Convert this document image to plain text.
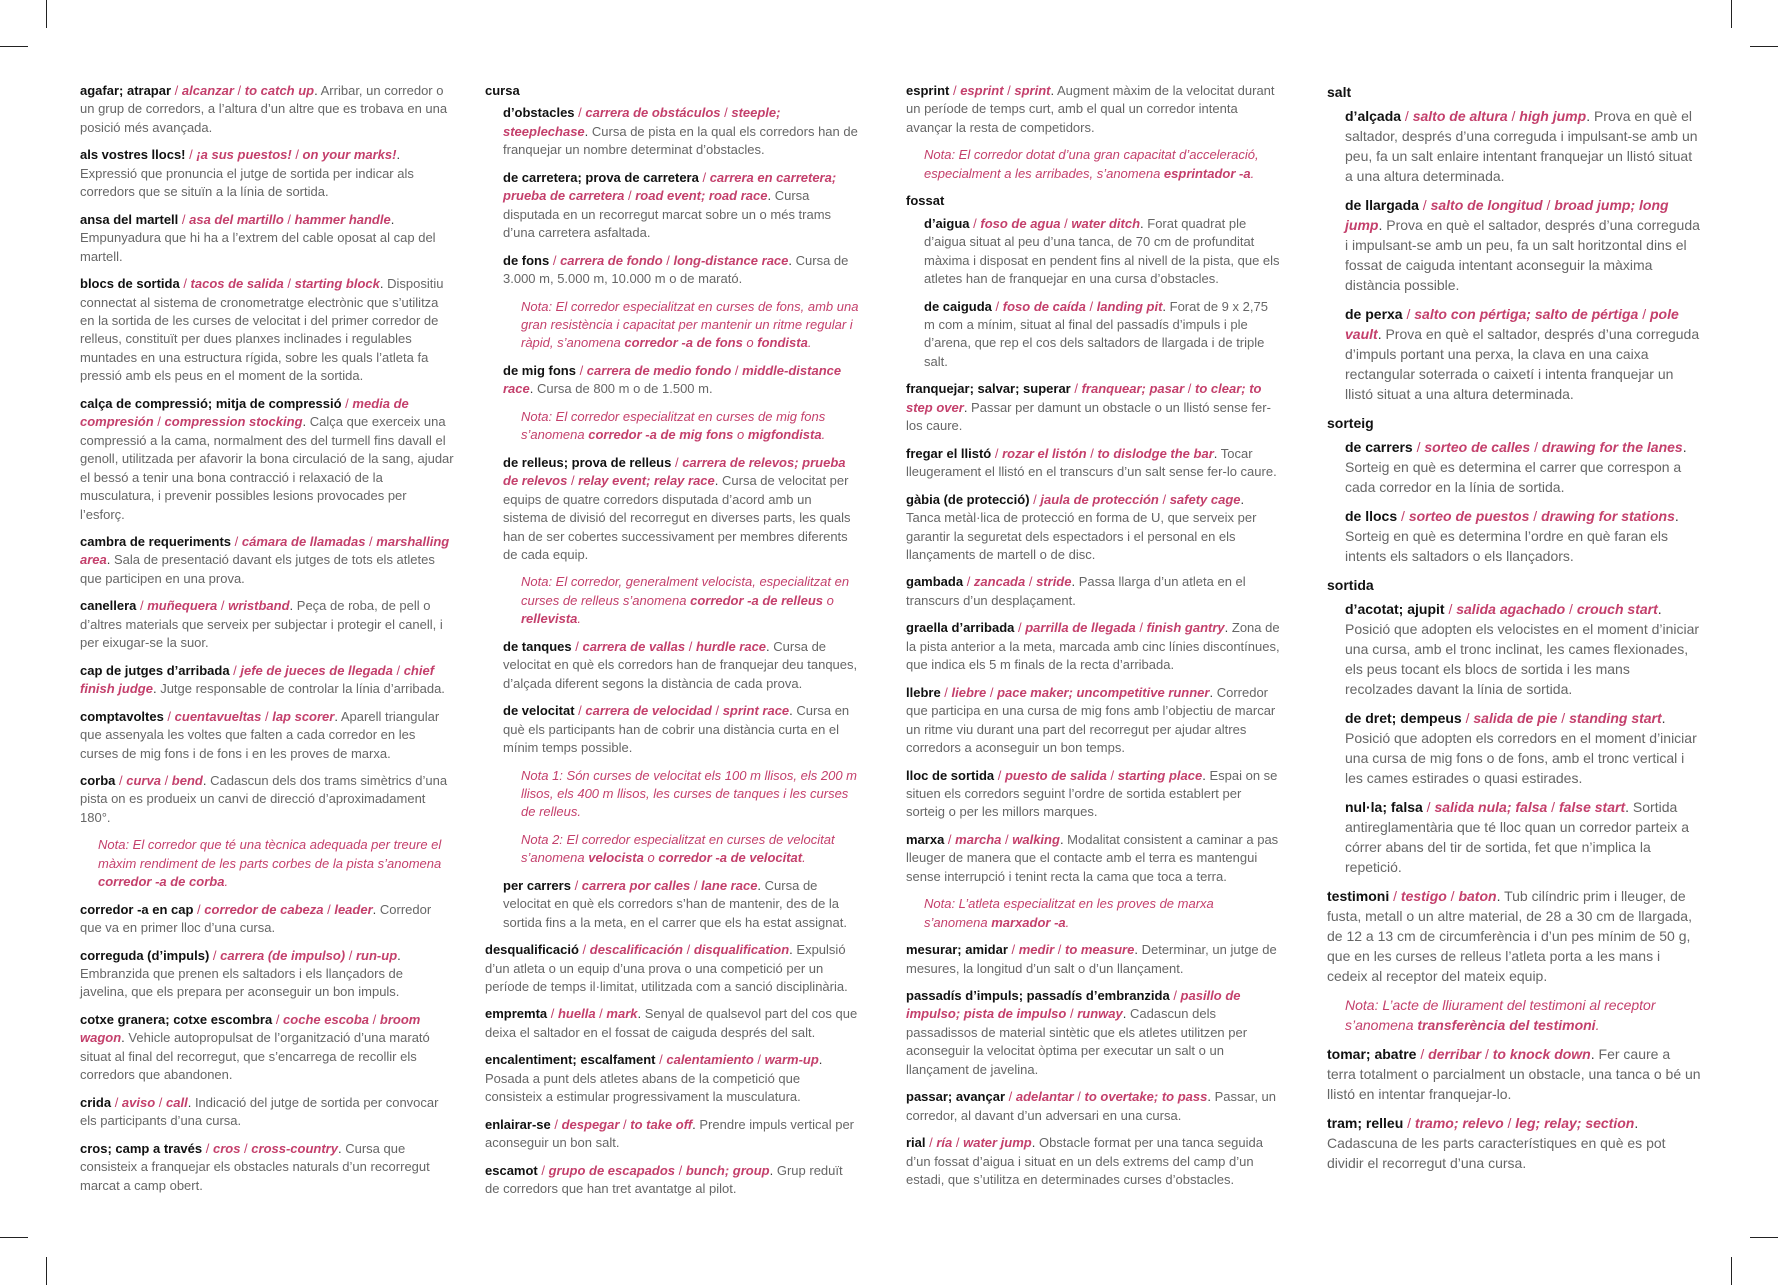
agafar; atrapar / alcanzar / to catch up. Arribar, un corredor o un grup de corredors, a l’altura d’un altre que es trobava en una posició més avançada.
als vostres llocs! / ¡a sus puestos! / on your marks!. Expressió que pronuncia el jutge de sortida per indicar als corredors que se situïn a la línia de sortida.
ansa del martell / asa del martillo / hammer handle. Empunyadura que hi ha a l’extrem del cable oposat al cap del martell.
blocs de sortida / tacos de salida / starting block. Dispositiu connectat al sistema de cronometratge electrònic que s’utilitza en la sortida de les curses de velocitat i del primer corredor de relleus, constituït per dues planxes inclinades i regulables muntades en una estructura rígida, sobre les quals l’atleta fa pressió amb els peus en el moment de la sortida.
calça de compressió; mitja de compressió / media de compresión / compression stocking. Calça que exerceix una compressió a la cama, normalment des del turmell fins davall el genoll, utilitzada per afavorir la bona circulació de la sang, ajudar el bessó a tenir una bona contracció i relaxació de la musculatura, i prevenir possibles lesions provocades per l’esforç.
cambra de requeriments / cámara de llamadas / marshalling area. Sala de presentació davant els jutges de tots els atletes que participen en una prova.
canellera / muñequera / wristband. Peça de roba, de pell o d’altres materials que serveix per subjectar i protegir el canell, i per eixugar-se la suor.
cap de jutges d’arribada / jefe de jueces de llegada / chief finish judge. Jutge responsable de controlar la línia d’arribada.
comptavoltes / cuentavueltas / lap scorer. Aparell triangular que assenyala les voltes que falten a cada corredor en les curses de mig fons i de fons i en les proves de marxa.
corba / curva / bend. Cadascun dels dos trams simètrics d’una pista on es produeix un canvi de direcció d’aproximadament 180°.
Nota: El corredor que té una tècnica adequada per treure el màxim rendiment de les parts corbes de la pista s’anomena corredor -a de corba.
corredor -a en cap / corredor de cabeza / leader. Corredor que va en primer lloc d’una cursa.
correguda (d’impuls) / carrera (de impulso) / run-up. Embranzida que prenen els saltadors i els llançadors de javelina, que els prepara per aconseguir un bon impuls.
cotxe granera; cotxe escombra / coche escoba / broom wagon. Vehicle autopropulsat de l’organització d’una marató situat al final del recorregut, que s’encarrega de recollir els corredors que abandonen.
crida / aviso / call. Indicació del jutge de sortida per convocar els participants d’una cursa.
cros; camp a través / cros / cross-country. Cursa que consisteix a franquejar els obstacles naturals d’un recorregut marcat a camp obert.
cursa
d’obstacles / carrera de obstáculos / steeple; steeplechase. Cursa de pista en la qual els corredors han de franquejar un nombre determinat d’obstacles.
de carretera; prova de carretera / carrera en carretera; prueba de carretera / road event; road race. Cursa disputada en un recorregut marcat sobre un o més trams d’una carretera asfaltada.
de fons / carrera de fondo / long-distance race. Cursa de 3.000 m, 5.000 m, 10.000 m o de marató.
Nota: El corredor especialitzat en curses de fons, amb una gran resistència i capacitat per mantenir un ritme regular i ràpid, s’anomena corredor -a de fons o fondista.
de mig fons / carrera de medio fondo / middle-distance race. Cursa de 800 m o de 1.500 m.
Nota: El corredor especialitzat en curses de mig fons s’anomena corredor -a de mig fons o migfondista.
de relleus; prova de relleus / carrera de relevos; prueba de relevos / relay event; relay race. Cursa de velocitat per equips de quatre corredors disputada d’acord amb un sistema de divisió del recorregut en diverses parts, les quals han de ser cobertes successivament per membres diferents de cada equip.
Nota: El corredor, generalment velocista, especialitzat en curses de relleus s’anomena corredor -a de relleus o rellevista.
de tanques / carrera de vallas / hurdle race. Cursa de velocitat en què els corredors han de franquejar deu tanques, d’alçada diferent segons la distància de cada prova.
de velocitat / carrera de velocidad / sprint race. Cursa en què els participants han de cobrir una distància curta en el mínim temps possible.
Nota 1: Són curses de velocitat els 100 m llisos, els 200 m llisos, els 400 m llisos, les curses de tanques i les curses de relleus.
Nota 2: El corredor especialitzat en curses de velocitat s’anomena velocista o corredor -a de velocitat.
per carrers / carrera por calles / lane race. Cursa de velocitat en què els corredors s’han de mantenir, des de la sortida fins a la meta, en el carrer que els ha estat assignat.
desqualificació / descalificación / disqualification. Expulsió d’un atleta o un equip d’una prova o una competició per un període de temps il·limitat, utilitzada com a sanció disciplinària.
empremta / huella / mark. Senyal de qualsevol part del cos que deixa el saltador en el fossat de caiguda després del salt.
encalentiment; escalfament / calentamiento / warm-up. Posada a punt dels atletes abans de la competició que consisteix a estimular progressivament la musculatura.
enlairar-se / despegar / to take off. Prendre impuls vertical per aconseguir un bon salt.
escamot / grupo de escapados / bunch; group. Grup reduït de corredors que han tret avantatge al pilot.
esprint / esprint / sprint. Augment màxim de la velocitat durant un període de temps curt, amb el qual un corredor intenta avançar la resta de competidors.
Nota: El corredor dotat d’una gran capacitat d’acceleració, especialment a les arribades, s’anomena esprintador -a.
fossat
d’aigua / foso de agua / water ditch. Forat quadrat ple d’aigua situat al peu d’una tanca, de 70 cm de profunditat màxima i disposat en pendent fins al nivell de la pista, que els atletes han de franquejar en una cursa d’obstacles.
de caiguda / foso de caída / landing pit. Forat de 9 x 2,75 m com a mínim, situat al final del passadís d’impuls i ple d’arena, que rep el cos dels saltadors de llargada i de triple salt.
franquejar; salvar; superar / franquear; pasar / to clear; to step over. Passar per damunt un obstacle o un llistó sense fer-los caure.
fregar el llistó / rozar el listón / to dislodge the bar. Tocar lleugerament el llistó en el transcurs d’un salt sense fer-lo caure.
gàbia (de protecció) / jaula de protección / safety cage. Tanca metàl·lica de protecció en forma de U, que serveix per garantir la seguretat dels espectadors i el personal en els llançaments de martell o de disc.
gambada / zancada / stride. Passa llarga d’un atleta en el transcurs d’un desplaçament.
graella d’arribada / parrilla de llegada / finish gantry. Zona de la pista anterior a la meta, marcada amb cinc línies discontínues, que indica els 5 m finals de la recta d’arribada.
llebre / liebre / pace maker; uncompetitive runner. Corredor que participa en una cursa de mig fons amb l’objectiu de marcar un ritme viu durant una part del recorregut per ajudar altres corredors a aconseguir un bon temps.
lloc de sortida / puesto de salida / starting place. Espai on se situen els corredors seguint l’ordre de sortida establert per sorteig o per les millors marques.
marxa / marcha / walking. Modalitat consistent a caminar a pas lleuger de manera que el contacte amb el terra es mantengui sense interrupció i tenint recta la cama que toca a terra.
Nota: L’atleta especialitzat en les proves de marxa s’anomena marxador -a.
mesurar; amidar / medir / to measure. Determinar, un jutge de mesures, la longitud d’un salt o d’un llançament.
passadís d’impuls; passadís d’embranzida / pasillo de impulso; pista de impulso / runway. Cadascun dels passadissos de material sintètic que els atletes utilitzen per aconseguir la velocitat òptima per executar un salt o un llançament de javelina.
passar; avançar / adelantar / to overtake; to pass. Passar, un corredor, al davant d’un adversari en una cursa.
rial / ría / water jump. Obstacle format per una tanca seguida d’un fossat d’aigua i situat en un dels extrems del camp d’un estadi, que s’utilitza en determinades curses d’obstacles.
salt
d’alçada / salto de altura / high jump. Prova en què el saltador, després d’una correguda i impulsant-se amb un peu, fa un salt enlaire intentant franquejar un llistó situat a una altura determinada.
de llargada / salto de longitud / broad jump; long jump. Prova en què el saltador, després d’una correguda i impulsant-se amb un peu, fa un salt horitzontal dins el fossat de caiguda intentant aconseguir la màxima distància possible.
de perxa / salto con pértiga; salto de pértiga / pole vault. Prova en què el saltador, després d’una correguda d’impuls portant una perxa, la clava en una caixa rectangular soterrada o caixetí i intenta franquejar un llistó situat a una altura determinada.
sorteig
de carrers / sorteo de calles / drawing for the lanes. Sorteig en què es determina el carrer que correspon a cada corredor en la línia de sortida.
de llocs / sorteo de puestos / drawing for stations. Sorteig en què es determina l’ordre en què faran els intents els saltadors o els llançadors.
sortida
d’acotat; ajupit / salida agachado / crouch start. Posició que adopten els velocistes en el moment d’iniciar una cursa, amb el tronc inclinat, les cames flexionades, els peus tocant els blocs de sortida i les mans recolzades davant la línia de sortida.
de dret; dempeus / salida de pie / standing start. Posició que adopten els corredors en el moment d’iniciar una cursa de mig fons o de fons, amb el tronc vertical i les cames estirades o quasi estirades.
nul·la; falsa / salida nula; falsa / false start. Sortida antireglamentària que té lloc quan un corredor parteix a córrer abans del tir de sortida, fet que n’implica la repetició.
testimoni / testigo / baton. Tub cilíndric prim i lleuger, de fusta, metall o un altre material, de 28 a 30 cm de llargada, de 12 a 13 cm de circumferència i d’un pes mínim de 50 g, que en les curses de relleus l’atleta porta a les mans i cedeix al receptor del mateix equip.
Nota: L’acte de lliurament del testimoni al receptor s’anomena transferència del testimoni.
tomar; abatre / derribar / to knock down. Fer caure a terra totalment o parcialment un obstacle, una tanca o bé un llistó en intentar franquejar-lo.
tram; relleu / tramo; relevo / leg; relay; section. Cadascuna de les parts característiques en què es pot dividir el recorregut d’una cursa.
